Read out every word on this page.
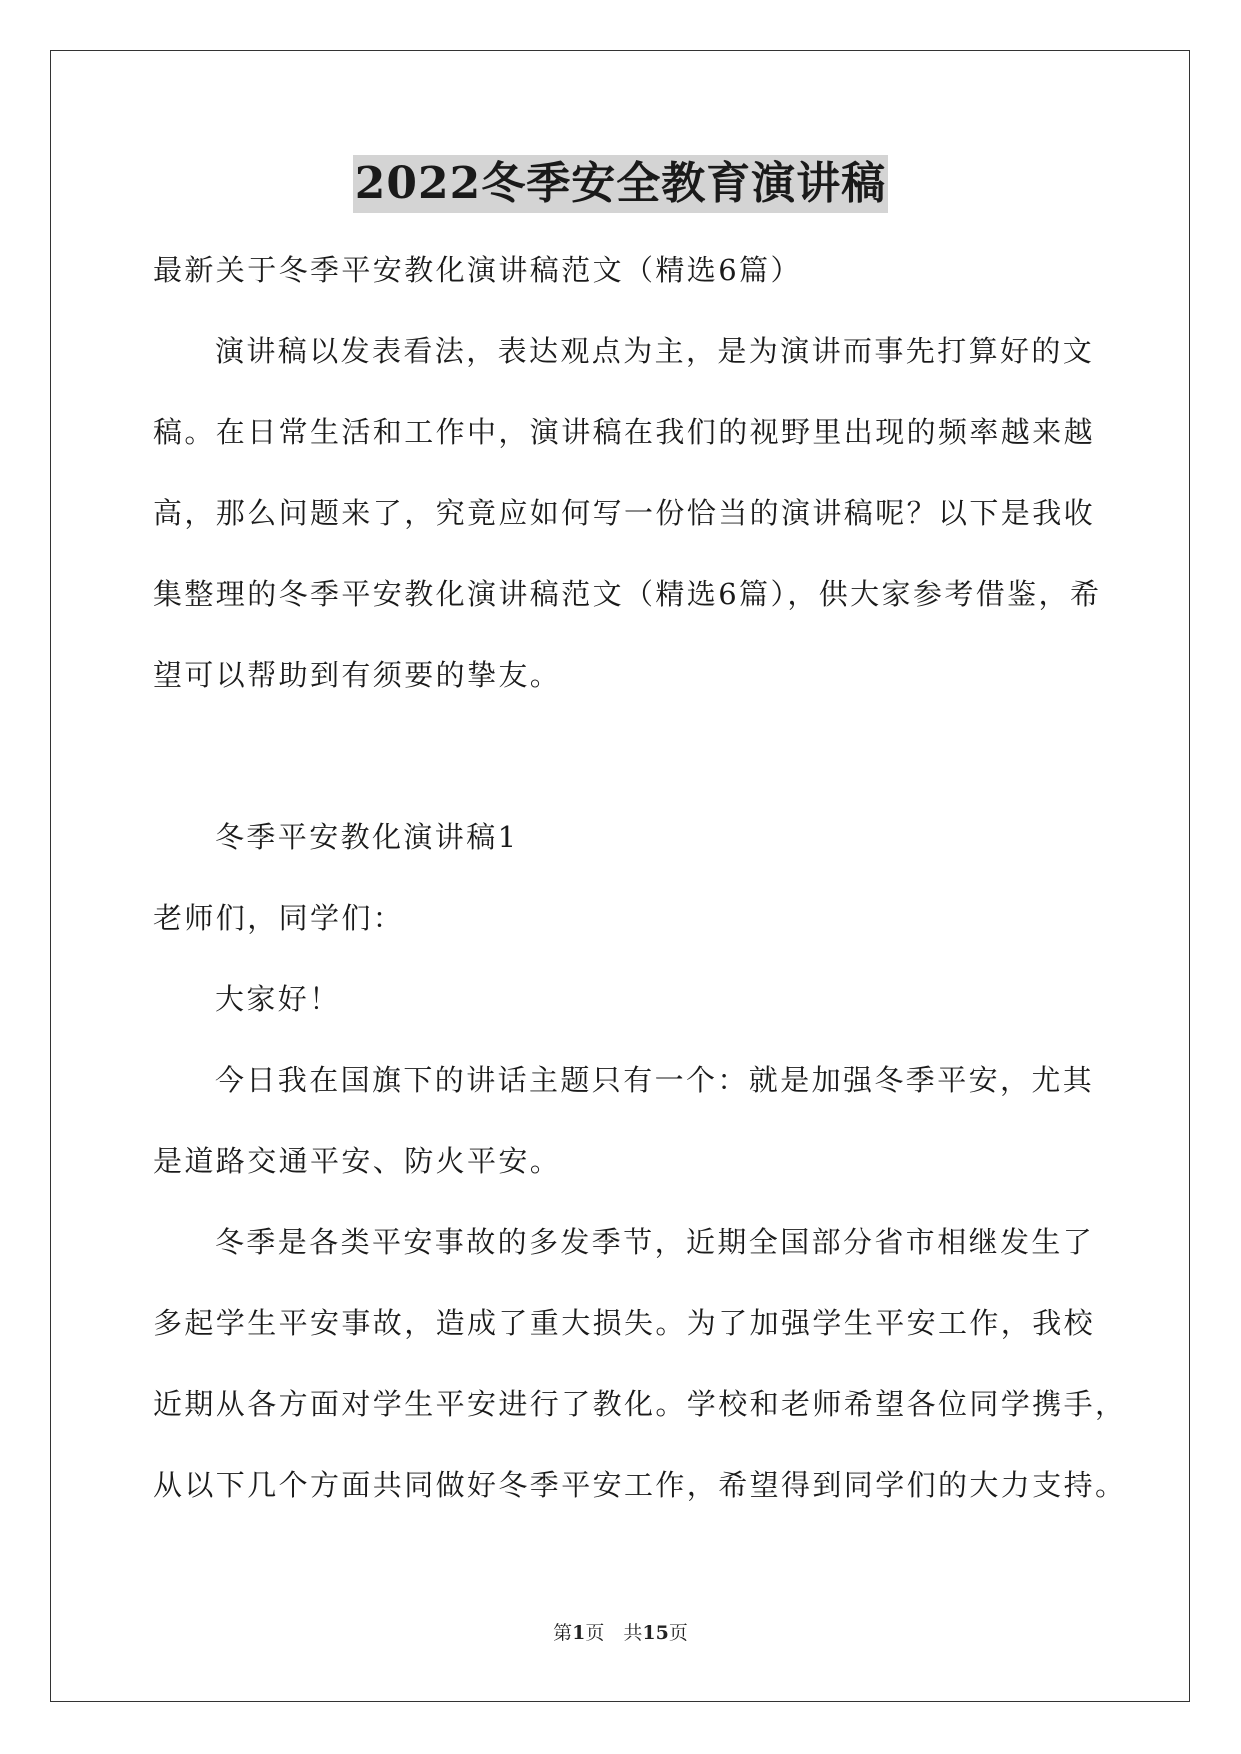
2022冬季安全教育演讲稿

最新关于冬季平安教化演讲稿范文（精选6篇）

演讲稿以发表看法，表达观点为主，是为演讲而事先打算好的文

稿。在日常生活和工作中，演讲稿在我们的视野里出现的频率越来越

高，那么问题来了，究竟应如何写一份恰当的演讲稿呢？以下是我收

集整理的冬季平安教化演讲稿范文（精选6篇），供大家参考借鉴，希

望可以帮助到有须要的挚友。

冬季平安教化演讲稿1

老师们，同学们：

大家好！

今日我在国旗下的讲话主题只有一个：就是加强冬季平安，尤其

是道路交通平安、防火平安。

冬季是各类平安事故的多发季节，近期全国部分省市相继发生了

多起学生平安事故，造成了重大损失。为了加强学生平安工作，我校

近期从各方面对学生平安进行了教化。学校和老师希望各位同学携手，

从以下几个方面共同做好冬季平安工作，希望得到同学们的大力支持。

第1页　共15页
